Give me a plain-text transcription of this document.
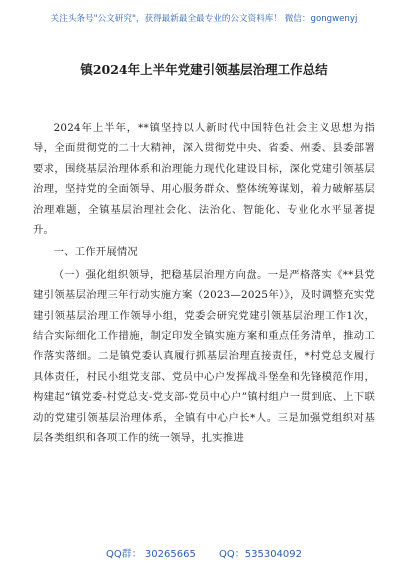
关注头条号"公文研究"，获得最新最全最专业的公文资料库！ 微信：gongwenyj
镇2024年上半年党建引领基层治理工作总结

2024年上半年，**镇坚持以人新时代中国特色社会主义思想为指导，全面贯彻党的二十大精神，深入贯彻党中央、省委、州委、县委部署要求，围绕基层治理体系和治理能力现代化建设目标，深化党建引领基层治理，坚持党的全面领导、用心服务群众、整体统筹谋划，着力破解基层治理难题，全镇基层治理社会化、法治化、智能化、专业化水平显著提升。

一、工作开展情况

（一）强化组织领导，把稳基层治理方向盘。一是严格落实《**县党建引领基层治理三年行动实施方案（2023—2025年）》，及时调整充实党建引领基层治理工作领导小组，党委会研究党建引领基层治理工作1次，结合实际细化工作措施，制定印发全镇实施方案和重点任务清单，推动工作落实落细。二是镇党委认真履行抓基层治理直接责任，*村党总支履行具体责任，村民小组党支部、党员中心户发挥战斗堡垒和先锋模范作用，构建起“镇党委-村党总支-党支部-党员中心户”镇村组户一贯到底、上下联动的党建引领基层治理体系，全镇有中心户长*人。三是加强党组织对基层各类组织和各项工作的统一领导，扎实推进

QQ群： 30265665 QQ：535304092
